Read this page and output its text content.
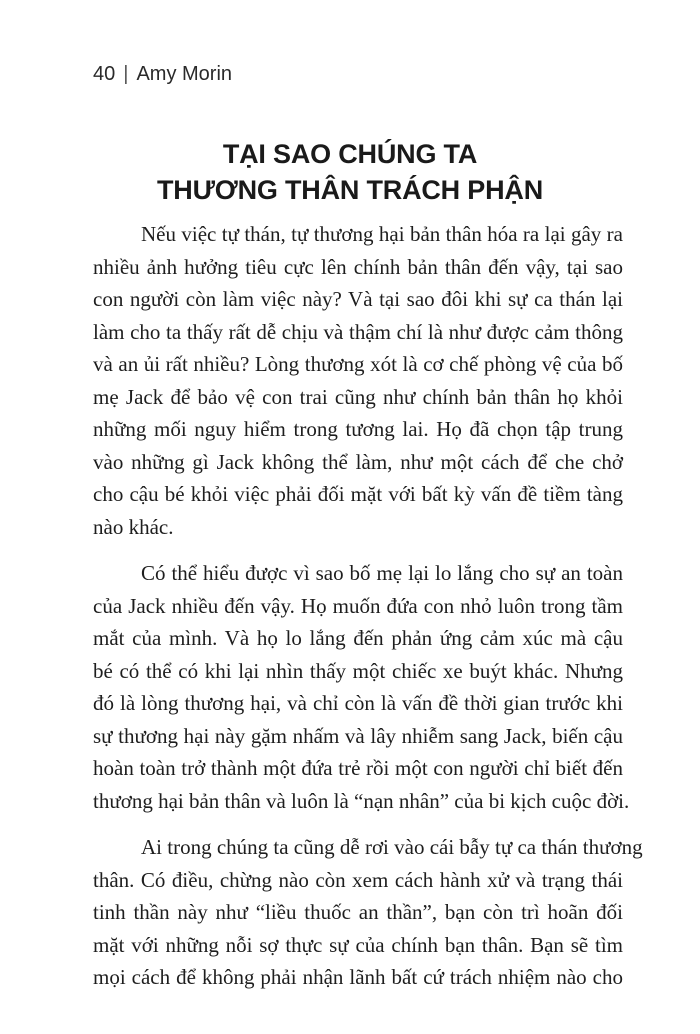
40 | Amy Morin
TẠI SAO CHÚNG TA
THƯƠNG THÂN TRÁCH PHẬN

Nếu việc tự thán, tự thương hại bản thân hóa ra lại gây ra
nhiều ảnh hưởng tiêu cực lên chính bản thân đến vậy, tại sao
con người còn làm việc này? Và tại sao đôi khi sự ca thán lại
làm cho ta thấy rất dễ chịu và thậm chí là như được cảm thông
và an ủi rất nhiều? Lòng thương xót là cơ chế phòng vệ của bố
mẹ Jack để bảo vệ con trai cũng như chính bản thân họ khỏi
những mối nguy hiểm trong tương lai. Họ đã chọn tập trung
vào những gì Jack không thể làm, như một cách để che chở
cho cậu bé khỏi việc phải đối mặt với bất kỳ vấn đề tiềm tàng
nào khác.

Có thể hiểu được vì sao bố mẹ lại lo lắng cho sự an toàn
của Jack nhiều đến vậy. Họ muốn đứa con nhỏ luôn trong tầm
mắt của mình. Và họ lo lắng đến phản ứng cảm xúc mà cậu
bé có thể có khi lại nhìn thấy một chiếc xe buýt khác. Nhưng
đó là lòng thương hại, và chỉ còn là vấn đề thời gian trước khi
sự thương hại này gặm nhấm và lây nhiễm sang Jack, biến cậu
hoàn toàn trở thành một đứa trẻ rồi một con người chỉ biết đến
thương hại bản thân và luôn là “nạn nhân” của bi kịch cuộc đời.

Ai trong chúng ta cũng dễ rơi vào cái bẫy tự ca thán thương
thân. Có điều, chừng nào còn xem cách hành xử và trạng thái
tinh thần này như “liều thuốc an thần”, bạn còn trì hoãn đối
mặt với những nỗi sợ thực sự của chính bạn thân. Bạn sẽ tìm
mọi cách để không phải nhận lãnh bất cứ trách nhiệm nào cho
